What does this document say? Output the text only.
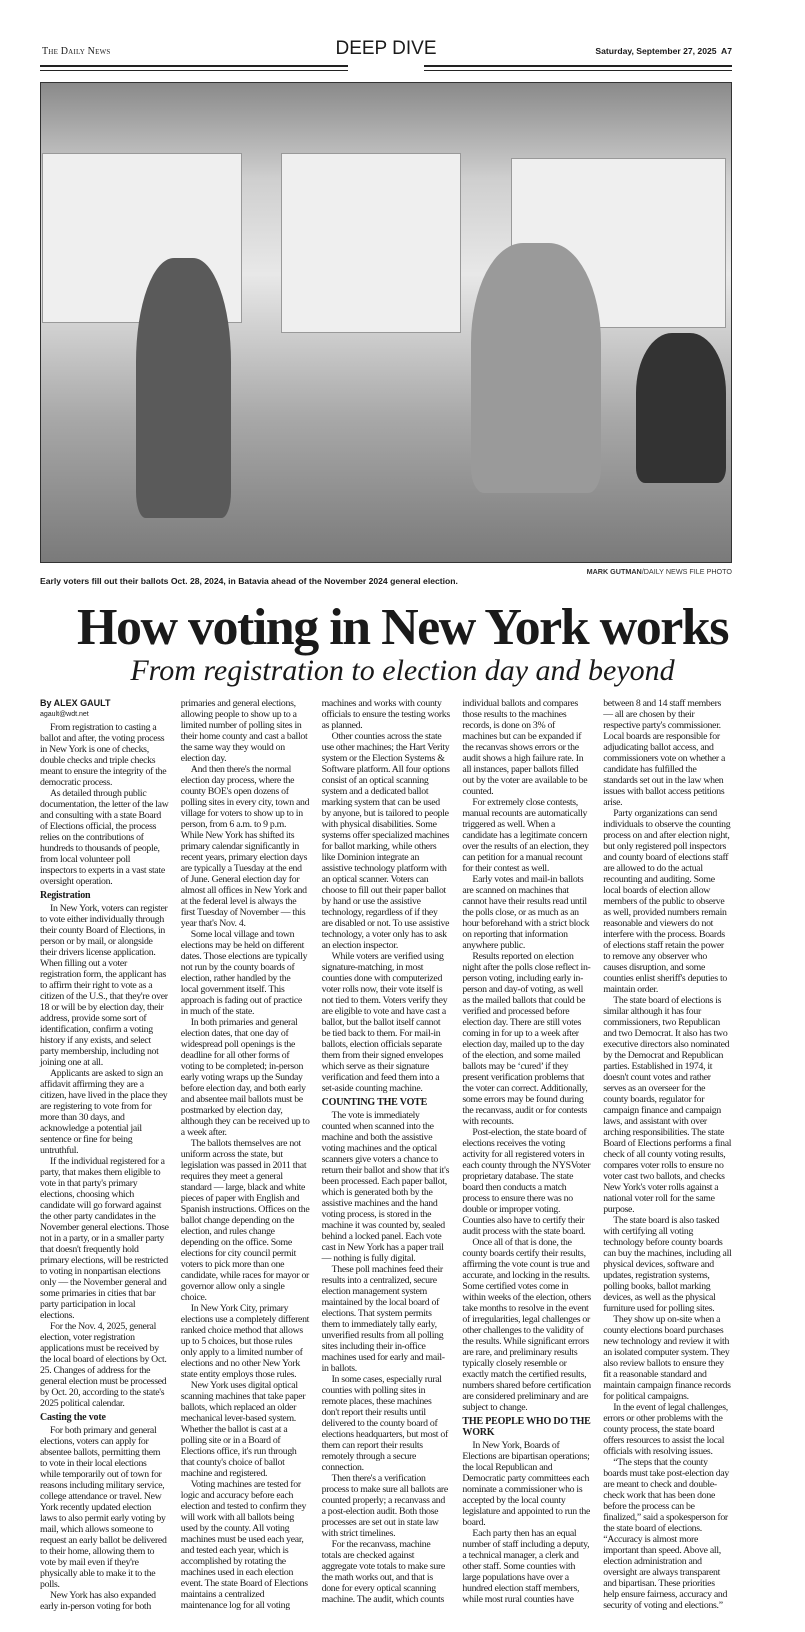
The Daily News	DEEP DIVE	Saturday, September 27, 2025 A7
MARK GUTMAN/DAILY NEWS FILE PHOTO
Early voters fill out their ballots Oct. 28, 2024, in Batavia ahead of the November 2024 general election.
How voting in New York works
From registration to election day and beyond
By ALEX GAULT
agault@wdt.net

From registration to casting a ballot and after, the voting process in New York is one of checks, double checks and triple checks meant to ensure the integrity of the democratic process.

As detailed through public documentation, the letter of the law and consulting with a state Board of Elections official, the process relies on the contributions of hundreds to thousands of people, from local volunteer poll inspectors to experts in a vast state oversight operation.

Registration

In New York, voters can register to vote either individually through their county Board of Elections, in person or by mail, or alongside their drivers license application. When filling out a voter registration form, the applicant has to affirm their right to vote as a citizen of the U.S., that they're over 18 or will be by election day, their address, provide some sort of identification, confirm a voting history if any exists, and select party membership, including not joining one at all.

Applicants are asked to sign an affidavit affirming they are a citizen, have lived in the place they are registering to vote from for more than 30 days, and acknowledge a potential jail sentence or fine for being untruthful.

If the individual registered for a party, that makes them eligible to vote in that party's primary elections, choosing which candidate will go forward against the other party candidates in the November general elections. Those not in a party, or in a smaller party that doesn't frequently hold primary elections, will be restricted to voting in nonpartisan elections only — the November general and some primaries in cities that bar party participation in local elections.

For the Nov. 4, 2025, general election, voter registration applications must be received by the local board of elections by Oct. 25. Changes of address for the general election must be processed by Oct. 20, according to the state's 2025 political calendar.

Casting the vote

For both primary and general elections, voters can apply for absentee ballots, permitting them to vote in their local elections while temporarily out of town for reasons including military service, college attendance or travel. New York recently updated election laws to also permit early voting by mail, which allows someone to request an early ballot be delivered to their home, allowing them to vote by mail even if they're physically able to make it to the polls.

New York has also expanded early in-person voting for both primaries and general elections, allowing people to show up to a limited number of polling sites in their home county and cast a ballot the same way they would on election day.

And then there's the normal election day process, where the county BOE's open dozens of polling sites in every city, town and village for voters to show up to in person, from 6 a.m. to 9 p.m. While New York has shifted its primary calendar significantly in recent years, primary election days are typically a Tuesday at the end of June. General election day for almost all offices in New York and at the federal level is always the first Tuesday of November — this year that's Nov. 4.

Some local village and town elections may be held on different dates. Those elections are typically not run by the county boards of election, rather handled by the local government itself. This approach is fading out of practice in much of the state.

In both primaries and general election dates, that one day of widespread poll openings is the deadline for all other forms of voting to be completed; in-person early voting wraps up the Sunday before election day, and both early and absentee mail ballots must be postmarked by election day, although they can be received up to a week after.

The ballots themselves are not uniform across the state, but legislation was passed in 2011 that requires they meet a general standard — large, black and white pieces of paper with English and Spanish instructions. Offices on the ballot change depending on the election, and rules change depending on the office. Some elections for city council permit voters to pick more than one candidate, while races for mayor or governor allow only a single choice.

In New York City, primary elections use a completely different ranked choice method that allows up to 5 choices, but those rules only apply to a limited number of elections and no other New York state entity employs those rules.

New York uses digital optical scanning machines that take paper ballots, which replaced an older mechanical lever-based system. Whether the ballot is cast at a polling site or in a Board of Elections office, it's run through that county's choice of ballot machine and registered.

Voting machines are tested for logic and accuracy before each election and tested to confirm they will work with all ballots being used by the county. All voting machines must be used each year, and tested each year, which is accomplished by rotating the machines used in each election event. The state Board of Elections maintains a centralized maintenance log for all voting machines and works with county officials to ensure the testing works as planned.

Other counties across the state use other machines; the Hart Verity system or the Election Systems & Software platform. All four options consist of an optical scanning system and a dedicated ballot marking system that can be used by anyone, but is tailored to people with physical disabilities. Some systems offer specialized machines for ballot marking, while others like Dominion integrate an assistive technology platform with an optical scanner. Voters can choose to fill out their paper ballot by hand or use the assistive technology, regardless of if they are disabled or not. To use assistive technology, a voter only has to ask an election inspector.

While voters are verified using signature-matching, in most counties done with computerized voter rolls now, their vote itself is not tied to them. Voters verify they are eligible to vote and have cast a ballot, but the ballot itself cannot be tied back to them. For mail-in ballots, election officials separate them from their signed envelopes which serve as their signature verification and feed them into a set-aside counting machine.

COUNTING THE VOTE

The vote is immediately counted when scanned into the machine and both the assistive voting machines and the optical scanners give voters a chance to return their ballot and show that it's been processed. Each paper ballot, which is generated both by the assistive machines and the hand voting process, is stored in the machine it was counted by, sealed behind a locked panel. Each vote cast in New York has a paper trail — nothing is fully digital.

These poll machines feed their results into a centralized, secure election management system maintained by the local board of elections. That system permits them to immediately tally early, unverified results from all polling sites including their in-office machines used for early and mail-in ballots.

In some cases, especially rural counties with polling sites in remote places, these machines don't report their results until delivered to the county board of elections headquarters, but most of them can report their results remotely through a secure connection.

Then there's a verification process to make sure all ballots are counted properly; a recanvass and a post-election audit. Both those processes are set out in state law with strict timelines.

For the recanvass, machine totals are checked against aggregate vote totals to make sure the math works out, and that is done for every optical scanning machine. The audit, which counts individual ballots and compares those results to the machines records, is done on 3% of machines but can be expanded if the recanvas shows errors or the audit shows a high failure rate. In all instances, paper ballots filled out by the voter are available to be counted.

For extremely close contests, manual recounts are automatically triggered as well. When a candidate has a legitimate concern over the results of an election, they can petition for a manual recount for their contest as well.

Early votes and mail-in ballots are scanned on machines that cannot have their results read until the polls close, or as much as an hour beforehand with a strict block on reporting that information anywhere public.

Results reported on election night after the polls close reflect in-person voting, including early in-person and day-of voting, as well as the mailed ballots that could be verified and processed before election day. There are still votes coming in for up to a week after election day, mailed up to the day of the election, and some mailed ballots may be ‘cured’ if they present verification problems that the voter can correct. Additionally, some errors may be found during the recanvass, audit or for contests with recounts.

Post-election, the state board of elections receives the voting activity for all registered voters in each county through the NYSVoter proprietary database. The state board then conducts a match process to ensure there was no double or improper voting. Counties also have to certify their audit process with the state board.

Once all of that is done, the county boards certify their results, affirming the vote count is true and accurate, and locking in the results. Some certified votes come in within weeks of the election, others take months to resolve in the event of irregularities, legal challenges or other challenges to the validity of the results. While significant errors are rare, and preliminary results typically closely resemble or exactly match the certified results, numbers shared before certification are considered preliminary and are subject to change.

THE PEOPLE WHO DO THE WORK

In New York, Boards of Elections are bipartisan operations; the local Republican and Democratic party committees each nominate a commissioner who is accepted by the local county legislature and appointed to run the board.

Each party then has an equal number of staff including a deputy, a technical manager, a clerk and other staff. Some counties with large populations have over a hundred election staff members, while most rural counties have between 8 and 14 staff members — all are chosen by their respective party's commissioner. Local boards are responsible for adjudicating ballot access, and commissioners vote on whether a candidate has fulfilled the standards set out in the law when issues with ballot access petitions arise.

Party organizations can send individuals to observe the counting process on and after election night, but only registered poll inspectors and county board of elections staff are allowed to do the actual recounting and auditing. Some local boards of election allow members of the public to observe as well, provided numbers remain reasonable and viewers do not interfere with the process. Boards of elections staff retain the power to remove any observer who causes disruption, and some counties enlist sheriff's deputies to maintain order.

The state board of elections is similar although it has four commissioners, two Republican and two Democrat. It also has two executive directors also nominated by the Democrat and Republican parties. Established in 1974, it doesn't count votes and rather serves as an overseer for the county boards, regulator for campaign finance and campaign laws, and assistant with over arching responsibilities. The state Board of Elections performs a final check of all county voting results, compares voter rolls to ensure no voter cast two ballots, and checks New York's voter rolls against a national voter roll for the same purpose.

The state board is also tasked with certifying all voting technology before county boards can buy the machines, including all physical devices, software and updates, registration systems, polling books, ballot marking devices, as well as the physical furniture used for polling sites.

They show up on-site when a county elections board purchases new technology and review it with an isolated computer system. They also review ballots to ensure they fit a reasonable standard and maintain campaign finance records for political campaigns.

In the event of legal challenges, errors or other problems with the county process, the state board offers resources to assist the local officials with resolving issues.

“The steps that the county boards must take post-election day are meant to check and double-check work that has been done before the process can be finalized,” said a spokesperson for the state board of elections. “Accuracy is almost more important than speed. Above all, election administration and oversight are always transparent and bipartisan. These priorities help ensure fairness, accuracy and security of voting and elections.”
